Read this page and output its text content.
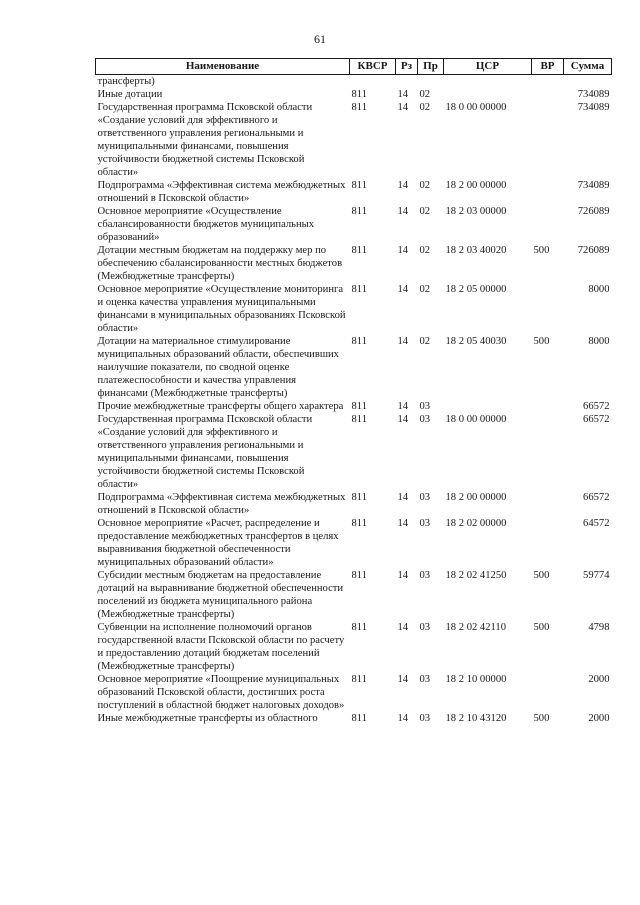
61
Наименование	КВСР	Рз	Пр	ЦСР	ВР	Сумма
трансферты)						
Иные дотации	811	14	02			734089
Государственная программа Псковской области «Создание условий для эффективного и ответственного управления региональными и муниципальными финансами, повышения устойчивости бюджетной системы Псковской области»	811	14	02	18 0 00 00000		734089
Подпрограмма «Эффективная система межбюджетных отношений в Псковской области»	811	14	02	18 2 00 00000		734089
Основное мероприятие «Осуществление сбалансированности бюджетов муниципальных образований»	811	14	02	18 2 03 00000		726089
Дотации местным бюджетам на поддержку мер по обеспечению сбалансированности местных бюджетов (Межбюджетные трансферты)	811	14	02	18 2 03 40020	500	726089
Основное мероприятие «Осуществление мониторинга и оценка качества управления муниципальными финансами в муниципальных образованиях Псковской области»	811	14	02	18 2 05 00000		8000
Дотации на материальное стимулирование муниципальных образований области, обеспечивших наилучшие показатели, по сводной оценке платежеспособности и качества управления финансами (Межбюджетные трансферты)	811	14	02	18 2 05 40030	500	8000
Прочие межбюджетные трансферты общего характера	811	14	03			66572
Государственная программа Псковской области «Создание условий для эффективного и ответственного управления региональными и муниципальными финансами, повышения устойчивости бюджетной системы Псковской области»	811	14	03	18 0 00 00000		66572
Подпрограмма «Эффективная система межбюджетных отношений в Псковской области»	811	14	03	18 2 00 00000		66572
Основное мероприятие «Расчет, распределение и предоставление межбюджетных трансфертов в целях выравнивания бюджетной обеспеченности муниципальных образований области»	811	14	03	18 2 02 00000		64572
Субсидии местным бюджетам на предоставление дотаций на выравнивание бюджетной обеспеченности поселений из бюджета муниципального района (Межбюджетные трансферты)	811	14	03	18 2 02 41250	500	59774
Субвенции на исполнение полномочий органов государственной власти Псковской области по расчету и предоставлению дотаций бюджетам поселений (Межбюджетные трансферты)	811	14	03	18 2 02 42110	500	4798
Основное мероприятие «Поощрение муниципальных образований Псковской области, достигших роста поступлений в областной бюджет налоговых доходов»	811	14	03	18 2 10 00000		2000
Иные межбюджетные трансферты из областного	811	14	03	18 2 10 43120	500	2000
